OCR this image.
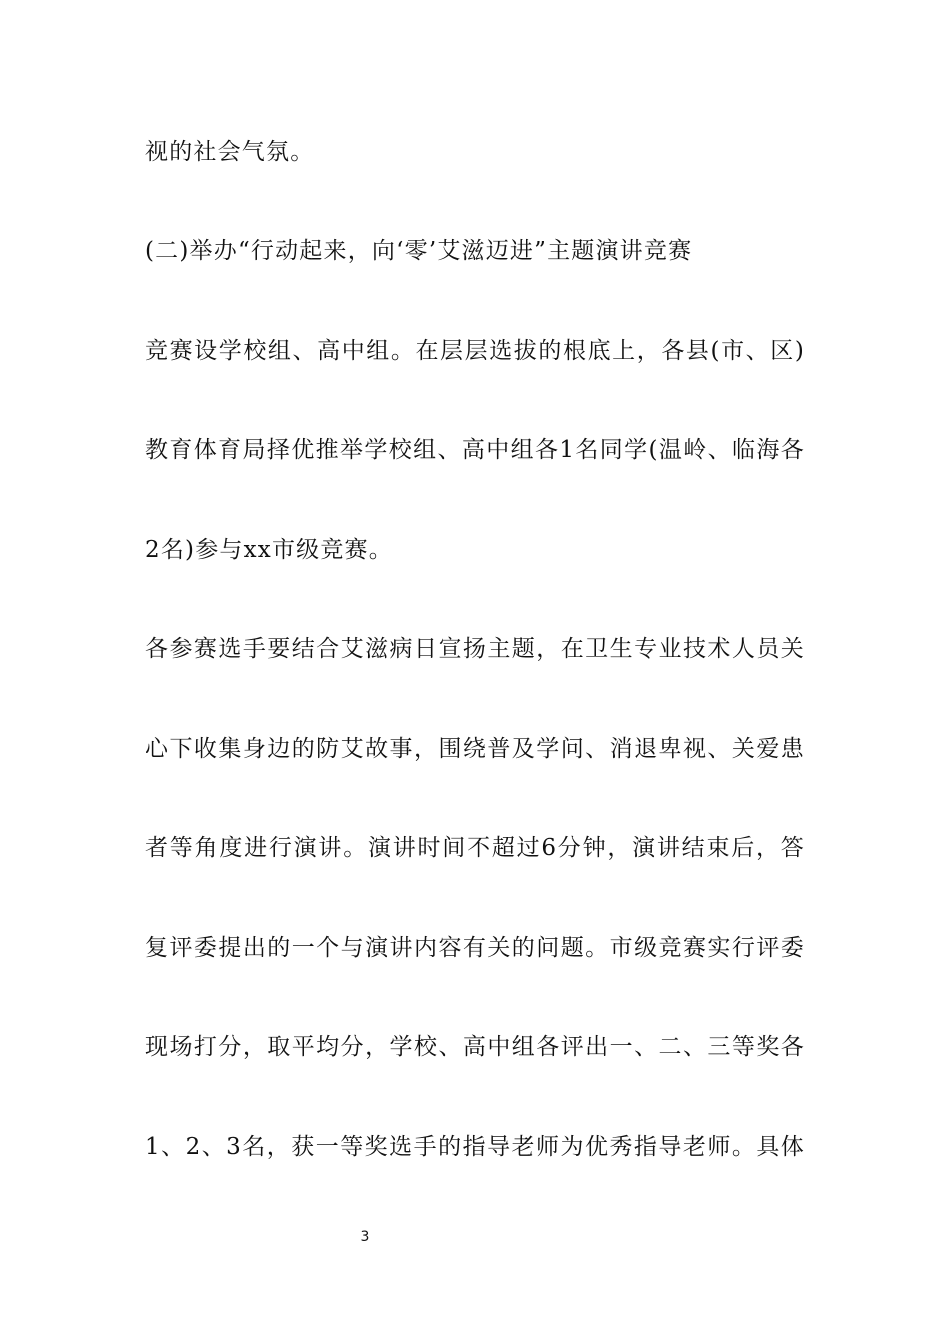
视的社会气氛。
(二)举办“行动起来，向‘零’艾滋迈进”主题演讲竞赛
竞赛设学校组、高中组。在层层选拔的根底上，各县(市、区)
教育体育局择优推举学校组、高中组各1名同学(温岭、临海各
2名)参与xx市级竞赛。
各参赛选手要结合艾滋病日宣扬主题，在卫生专业技术人员关
心下收集身边的防艾故事，围绕普及学问、消退卑视、关爱患
者等角度进行演讲。演讲时间不超过6分钟，演讲结束后，答
复评委提出的一个与演讲内容有关的问题。市级竞赛实行评委
现场打分，取平均分，学校、高中组各评出一、二、三等奖各
1、2、3名，获一等奖选手的指导老师为优秀指导老师。具体
3
